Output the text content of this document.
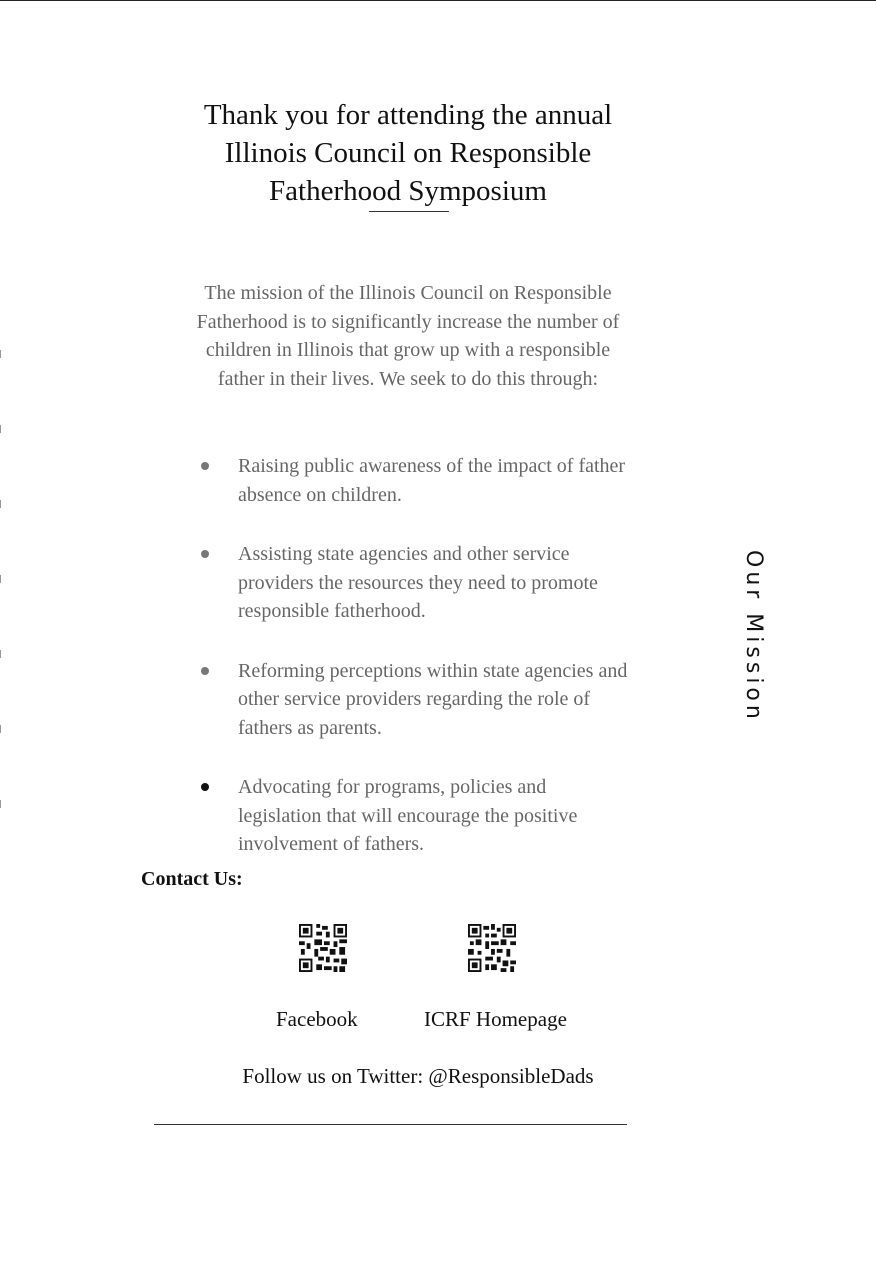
Thank you for attending the annual
Illinois Council on Responsible
Fatherhood Symposium
The mission of the Illinois Council on Responsible Fatherhood is to significantly increase the number of children in Illinois that grow up with a responsible father in their lives. We seek to do this through:
Raising public awareness of the impact of father absence on children.
Assisting state agencies and other service providers the resources they need to promote responsible fatherhood.
Reforming perceptions within state agencies and other service providers regarding the role of fathers as parents.
Advocating for programs, policies and legislation that will encourage the positive involvement of fathers.
Contact Us:
Facebook	ICRF Homepage
Follow us on Twitter: @ResponsibleDads
Our Mission
